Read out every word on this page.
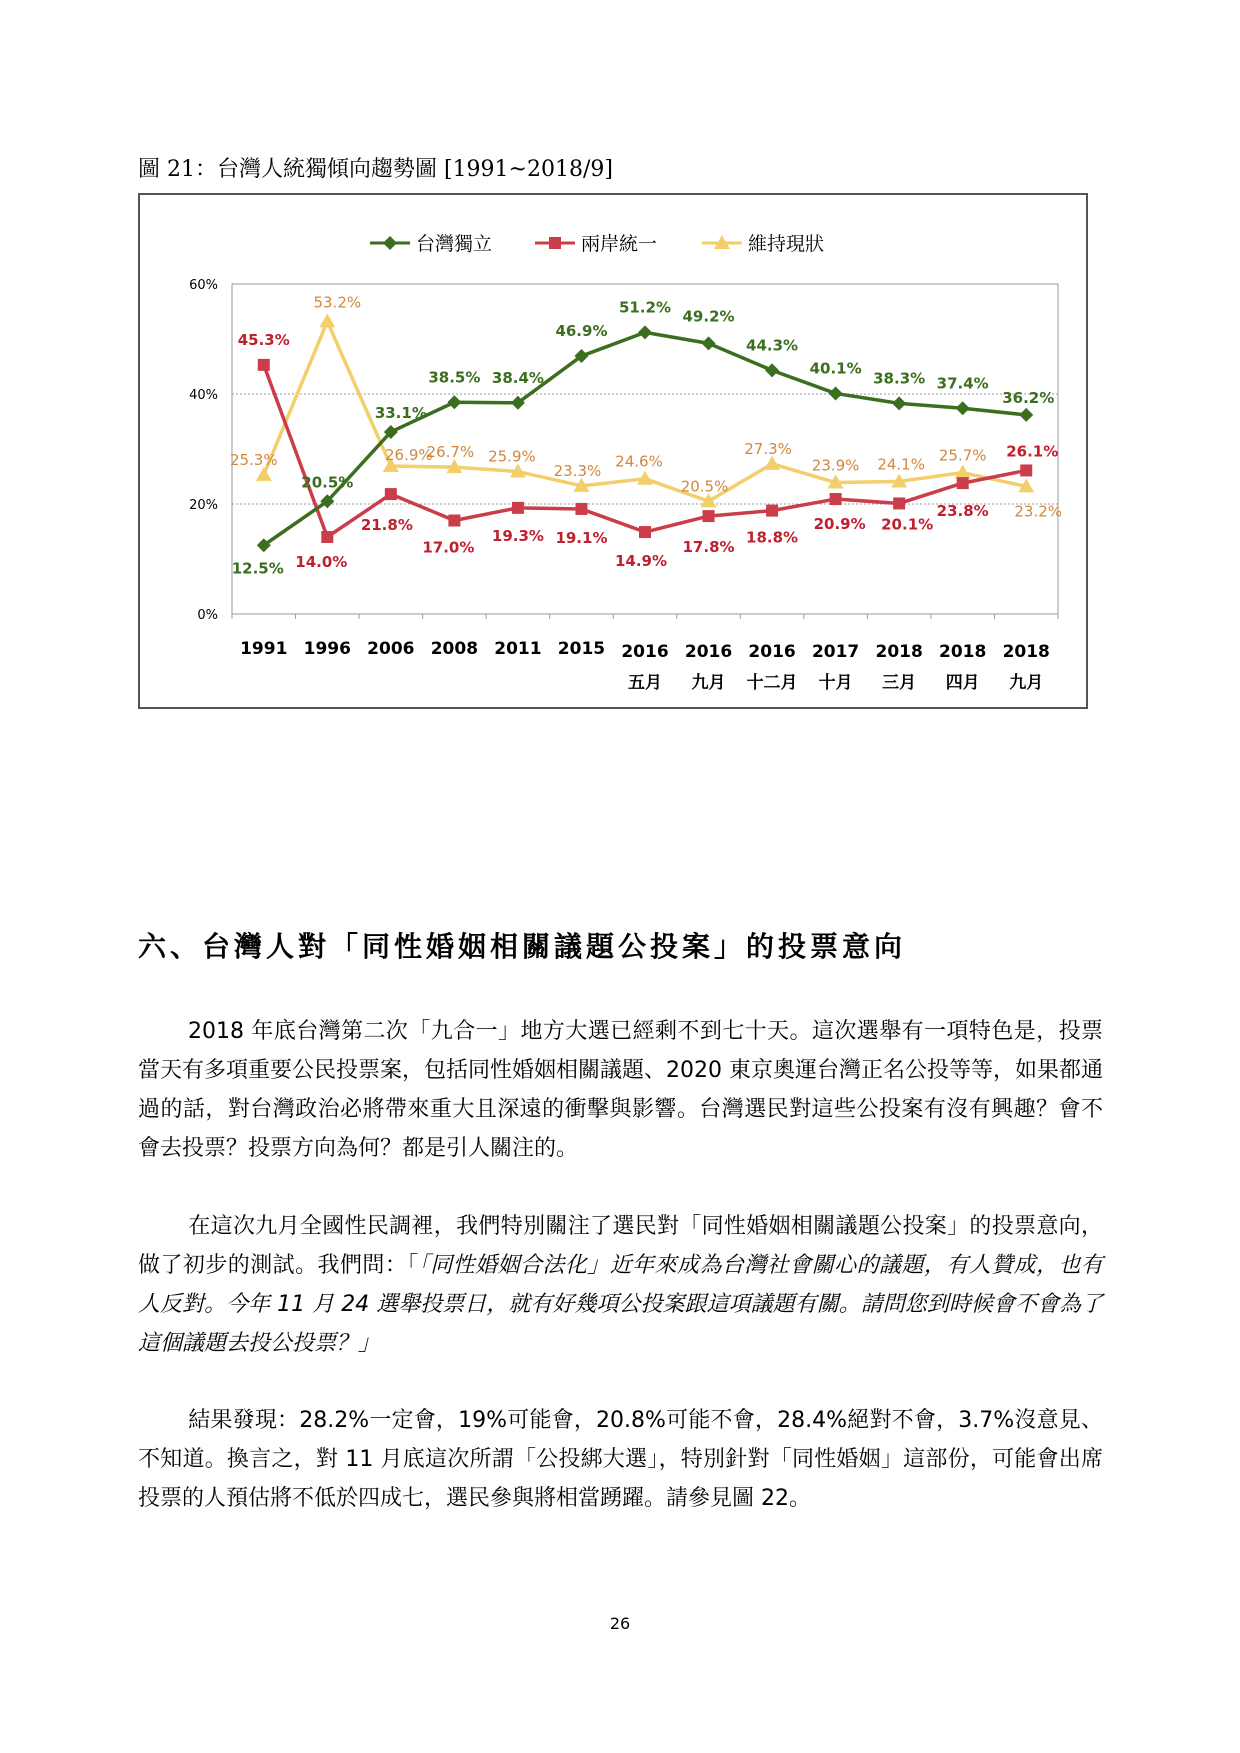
圖 21：台灣人統獨傾向趨勢圖 [1991~2018/9]
0%
20%
40%
60%
1991 1996 2006 2008 2011 2015 2016
五月
2016
九月
2016
十二月
2017
十月
2018
三月
2018
四月
2018
九月
台灣獨立	兩岸統一	維持現狀
12.5%
20.5%
33.1%
38.5% 38.4%
46.9%
51.2% 49.2%
44.3%
40.1%
38.3% 37.4%
36.2%
45.3%
14.0%
21.8%
17.0%
19.3% 19.1%
14.9%
17.8%
18.8%
20.9% 20.1%
23.8%
26.1%
25.3%
53.2%
26.9%
26.7% 25.9%
23.3%
24.6%
20.5%
27.3%
23.9% 24.1% 25.7%
23.2%
六、台灣人對「同性婚姻相關議題公投案」的投票意向
2018 年底台灣第二次「九合一」地方大選已經剩不到七十天。這次選舉有一項特色是，投票當天有多項重要公民投票案，包括同性婚姻相關議題、2020 東京奧運台灣正名公投等等，如果都通過的話，對台灣政治必將帶來重大且深遠的衝擊與影響。台灣選民對這些公投案有沒有興趣？會不會去投票？投票方向為何？都是引人關注的。
在這次九月全國性民調裡，我們特別關注了選民對「同性婚姻相關議題公投案」的投票意向，做了初步的測試。我們問：「「同性婚姻合法化」近年來成為台灣社會關心的議題，有人贊成，也有人反對。今年 11 月 24 選舉投票日，就有好幾項公投案跟這項議題有關。請問您到時候會不會為了這個議題去投公投票？」
結果發現：28.2%一定會，19%可能會，20.8%可能不會，28.4%絕對不會，3.7%沒意見、不知道。換言之，對 11 月底這次所謂「公投綁大選」，特別針對「同性婚姻」這部份，可能會出席投票的人預估將不低於四成七，選民參與將相當踴躍。請參見圖 22。
26
